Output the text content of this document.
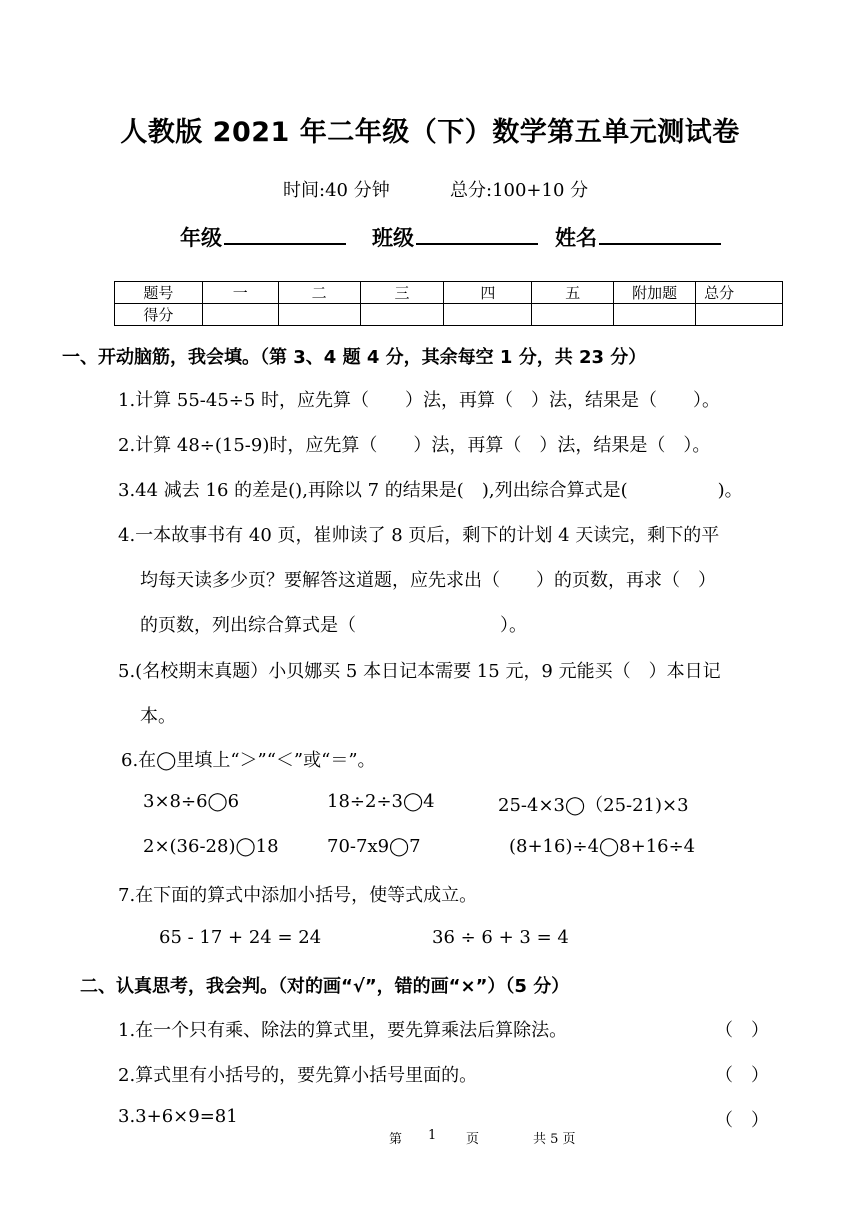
人教版 2021 年二年级（下）数学第五单元测试卷
时间:40 分钟	总分:100+10 分
年级	班级	姓名
题号	一	二	三	四	五	附加题	总分
得分							
一、开动脑筋，我会填。（第 3、4 题 4 分，其余每空 1 分，共 23 分）
1.计算 55-45÷5 时，应先算（　　）法，再算（　）法，结果是（　　）。
2.计算 48÷(15-9)时，应先算（　　）法，再算（　）法，结果是（　）。
3.44 减去 16 的差是(),再除以 7 的结果是(　),列出综合算式是(　　　　　)。
4.一本故事书有 40 页，崔帅读了 8 页后，剩下的计划 4 天读完，剩下的平
均每天读多少页？要解答这道题，应先求出（　　）的页数，再求（　）
的页数，列出综合算式是（　　　　　　　　）。
5.(名校期末真题）小贝娜买 5 本日记本需要 15 元，9 元能买（　）本日记
本。
6.在◯里填上“＞”“＜”或“＝”。
3×8÷6◯6	18÷2÷3◯4	25-4×3◯（25-21)×3
2×(36-28)◯18	70-7x9◯7	(8+16)÷4◯8+16÷4
7.在下面的算式中添加小括号，使等式成立。
65 - 17 + 24 = 24	36 ÷ 6 + 3 = 4
二、认真思考，我会判。（对的画“√”，错的画“×”）（5 分）
1.在一个只有乘、除法的算式里，要先算乘法后算除法。	（　）
2.算式里有小括号的，要先算小括号里面的。	（　）
3.3+6×9=81	（　）
第 1 页	共 5 页
